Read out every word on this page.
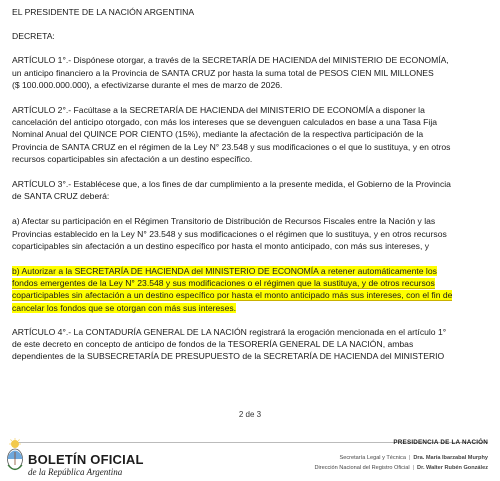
EL PRESIDENTE DE LA NACIÓN ARGENTINA

DECRETA:

ARTÍCULO 1°.- Dispónese otorgar, a través de la SECRETARÍA DE HACIENDA del MINISTERIO DE ECONOMÍA,
un anticipo financiero a la Provincia de SANTA CRUZ por hasta la suma total de PESOS CIEN MIL MILLONES
($ 100.000.000.000), a efectivizarse durante el mes de marzo de 2026.

ARTÍCULO 2°.- Facúltase a la SECRETARÍA DE HACIENDA del MINISTERIO DE ECONOMÍA a disponer la
cancelación del anticipo otorgado, con más los intereses que se devenguen calculados en base a una Tasa Fija
Nominal Anual del QUINCE POR CIENTO (15%), mediante la afectación de la respectiva participación de la
Provincia de SANTA CRUZ en el régimen de la Ley N° 23.548 y sus modificaciones o el que lo sustituya, y en otros
recursos coparticipables sin afectación a un destino específico.

ARTÍCULO 3°.- Establécese que, a los fines de dar cumplimiento a la presente medida, el Gobierno de la Provincia
de SANTA CRUZ deberá:

a) Afectar su participación en el Régimen Transitorio de Distribución de Recursos Fiscales entre la Nación y las
Provincias establecido en la Ley N° 23.548 y sus modificaciones o el régimen que lo sustituya, y en otros recursos
coparticipables sin afectación a un destino específico por hasta el monto anticipado, con más sus intereses, y

b) Autorizar a la SECRETARÍA DE HACIENDA del MINISTERIO DE ECONOMÍA a retener automáticamente los
fondos emergentes de la Ley N° 23.548 y sus modificaciones o el régimen que la sustituya, y de otros recursos
coparticipables sin afectación a un destino específico por hasta el monto anticipado más sus intereses, con el fin de
cancelar los fondos que se otorgan con más sus intereses.

ARTÍCULO 4°.- La CONTADURÍA GENERAL DE LA NACIÓN registrará la erogación mencionada en el artículo 1°
de este decreto en concepto de anticipo de fondos de la TESORERÍA GENERAL DE LA NACIÓN, ambas
dependientes de la SUBSECRETARÍA DE PRESUPUESTO de la SECRETARÍA DE HACIENDA del MINISTERIO

2 de 3
BOLETÍN OFICIAL
de la República Argentina
PRESIDENCIA DE LA NACIÓN
Secretaría Legal y Técnica | Dra. María Ibarzabal Murphy
Dirección Nacional del Registro Oficial | Dr. Walter Rubén González
